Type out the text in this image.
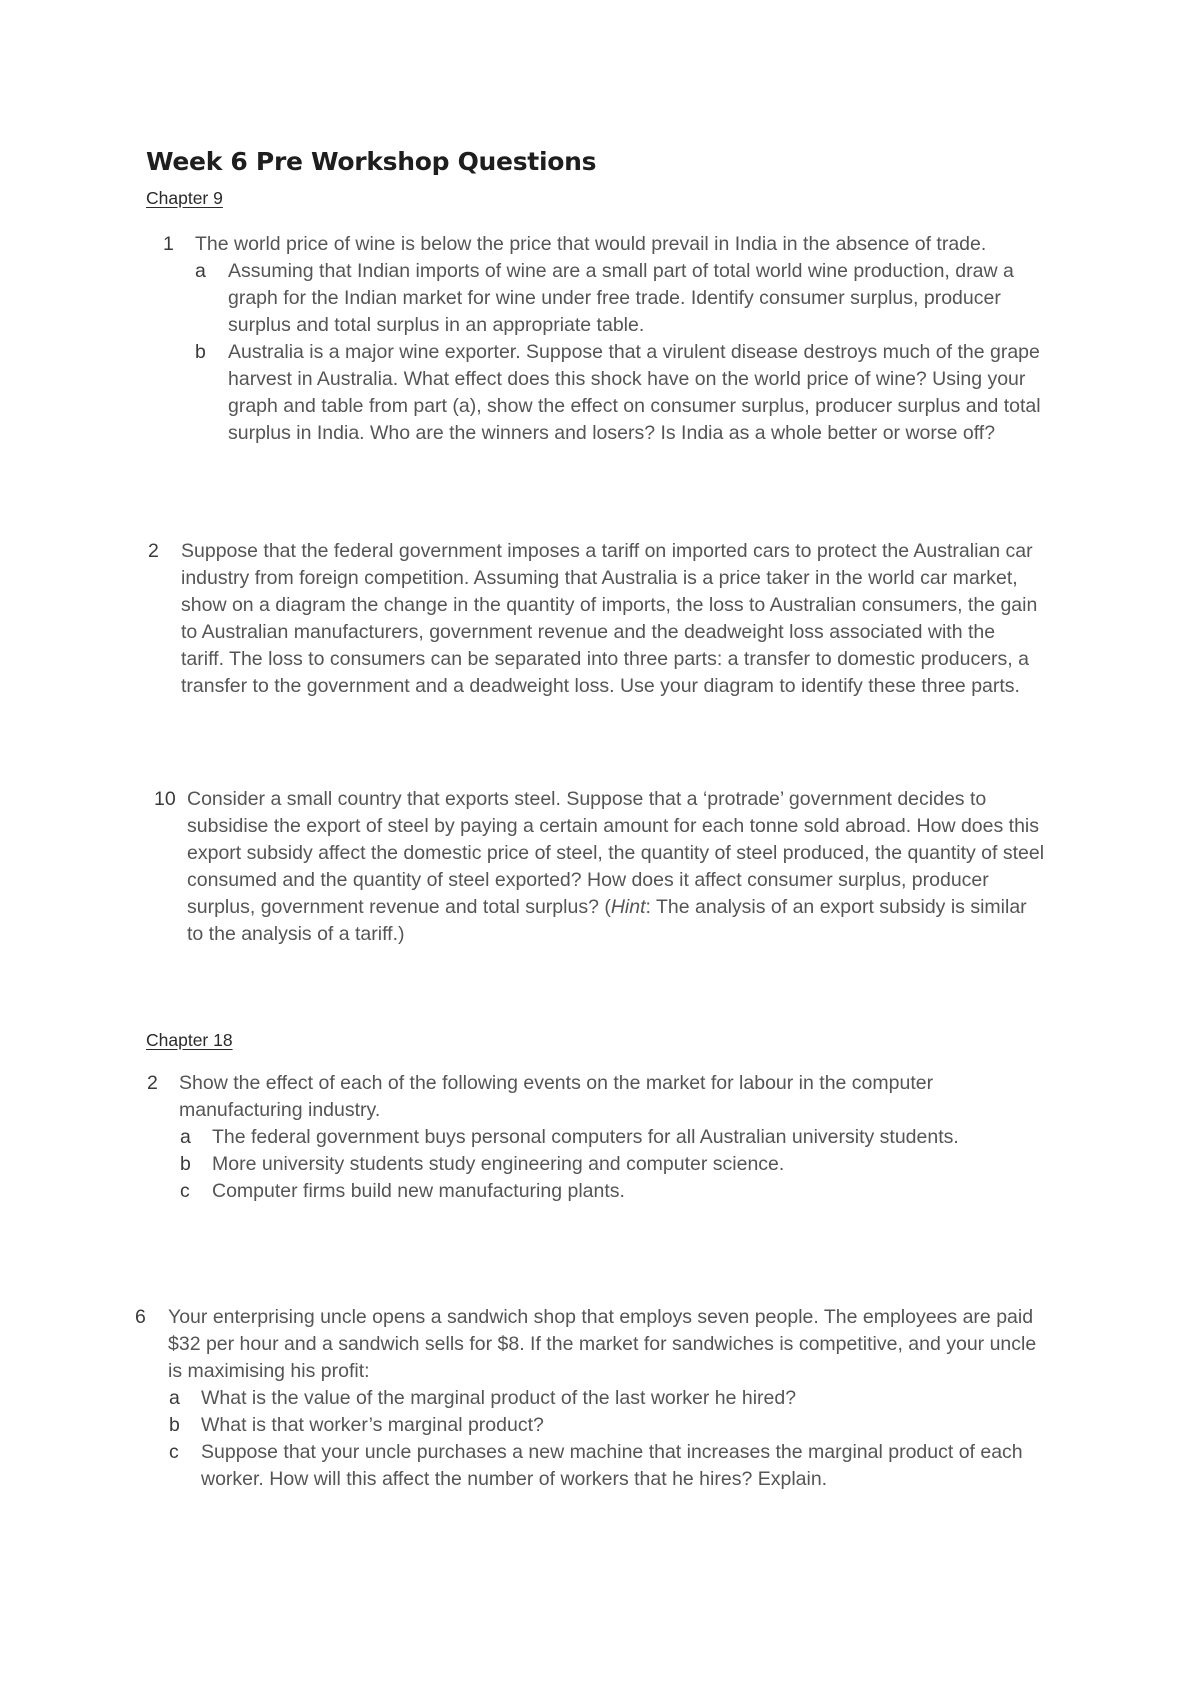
Week 6 Pre Workshop Questions
Chapter 9
1 The world price of wine is below the price that would prevail in India in the absence of trade.
a Assuming that Indian imports of wine are a small part of total world wine production, draw a graph for the Indian market for wine under free trade. Identify consumer surplus, producer surplus and total surplus in an appropriate table.
b Australia is a major wine exporter. Suppose that a virulent disease destroys much of the grape harvest in Australia. What effect does this shock have on the world price of wine? Using your graph and table from part (a), show the effect on consumer surplus, producer surplus and total surplus in India. Who are the winners and losers? Is India as a whole better or worse off?
2 Suppose that the federal government imposes a tariff on imported cars to protect the Australian car industry from foreign competition. Assuming that Australia is a price taker in the world car market, show on a diagram the change in the quantity of imports, the loss to Australian consumers, the gain to Australian manufacturers, government revenue and the deadweight loss associated with the tariff. The loss to consumers can be separated into three parts: a transfer to domestic producers, a transfer to the government and a deadweight loss. Use your diagram to identify these three parts.
10 Consider a small country that exports steel. Suppose that a ‘protrade’ government decides to subsidise the export of steel by paying a certain amount for each tonne sold abroad. How does this export subsidy affect the domestic price of steel, the quantity of steel produced, the quantity of steel consumed and the quantity of steel exported? How does it affect consumer surplus, producer surplus, government revenue and total surplus? (Hint: The analysis of an export subsidy is similar to the analysis of a tariff.)
Chapter 18
2 Show the effect of each of the following events on the market for labour in the computer manufacturing industry.
a The federal government buys personal computers for all Australian university students.
b More university students study engineering and computer science.
c Computer firms build new manufacturing plants.
6 Your enterprising uncle opens a sandwich shop that employs seven people. The employees are paid $32 per hour and a sandwich sells for $8. If the market for sandwiches is competitive, and your uncle is maximising his profit:
a What is the value of the marginal product of the last worker he hired?
b What is that worker’s marginal product?
c Suppose that your uncle purchases a new machine that increases the marginal product of each worker. How will this affect the number of workers that he hires? Explain.
